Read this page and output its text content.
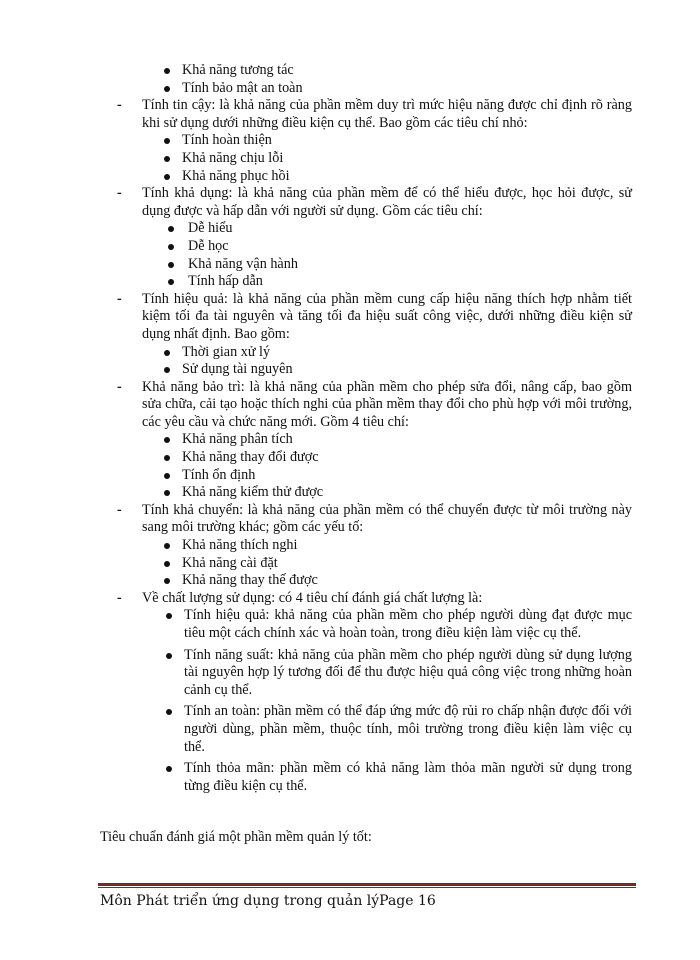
Khả năng tương tác
Tính bảo mật an toàn
- Tính tin cậy: là khả năng của phần mềm duy trì mức hiệu năng được chỉ định rõ ràng khi sử dụng dưới những điều kiện cụ thể. Bao gồm các tiêu chí nhỏ:
Tính hoàn thiện
Khả năng chịu lỗi
Khả năng phục hồi
- Tính khả dụng: là khả năng của phần mềm để có thể hiểu được, học hỏi được, sử dụng được và hấp dẫn với người sử dụng. Gồm các tiêu chí:
Dễ hiểu
Dễ học
Khả năng vận hành
Tính hấp dẫn
- Tính hiệu quả: là khả năng của phần mềm cung cấp hiệu năng thích hợp nhằm tiết kiệm tối đa tài nguyên và tăng tối đa hiệu suất công việc, dưới những điều kiện sử dụng nhất định. Bao gồm:
Thời gian xử lý
Sử dụng tài nguyên
- Khả năng bảo trì: là khả năng của phần mềm cho phép sửa đổi, nâng cấp, bao gồm sửa chữa, cải tạo hoặc thích nghi của phần mềm thay đổi cho phù hợp với môi trường, các yêu cầu và chức năng mới. Gồm 4 tiêu chí:
Khả năng phân tích
Khả năng thay đổi được
Tính ổn định
Khả năng kiểm thử được
- Tính khả chuyển: là khả năng của phần mềm có thể chuyển được từ môi trường này sang môi trường khác; gồm các yếu tố:
Khả năng thích nghi
Khả năng cài đặt
Khả năng thay thế được
- Về chất lượng sử dụng: có 4 tiêu chí đánh giá chất lượng là:
Tính hiệu quả: khả năng của phần mềm cho phép người dùng đạt được mục tiêu một cách chính xác và hoàn toàn, trong điều kiện làm việc cụ thể.
Tính năng suất: khả năng của phần mềm cho phép người dùng sử dụng lượng tài nguyên hợp lý tương đối để thu được hiệu quả công việc trong những hoàn cảnh cụ thể.
Tính an toàn: phần mềm có thể đáp ứng mức độ rủi ro chấp nhận được đối với người dùng, phần mềm, thuộc tính, môi trường trong điều kiện làm việc cụ thể.
Tính thỏa mãn: phần mềm có khả năng làm thỏa mãn người sử dụng trong từng điều kiện cụ thể.
Tiêu chuẩn đánh giá một phần mềm quản lý tốt:
Môn Phát triển ứng dụng trong quản lýPage 16
